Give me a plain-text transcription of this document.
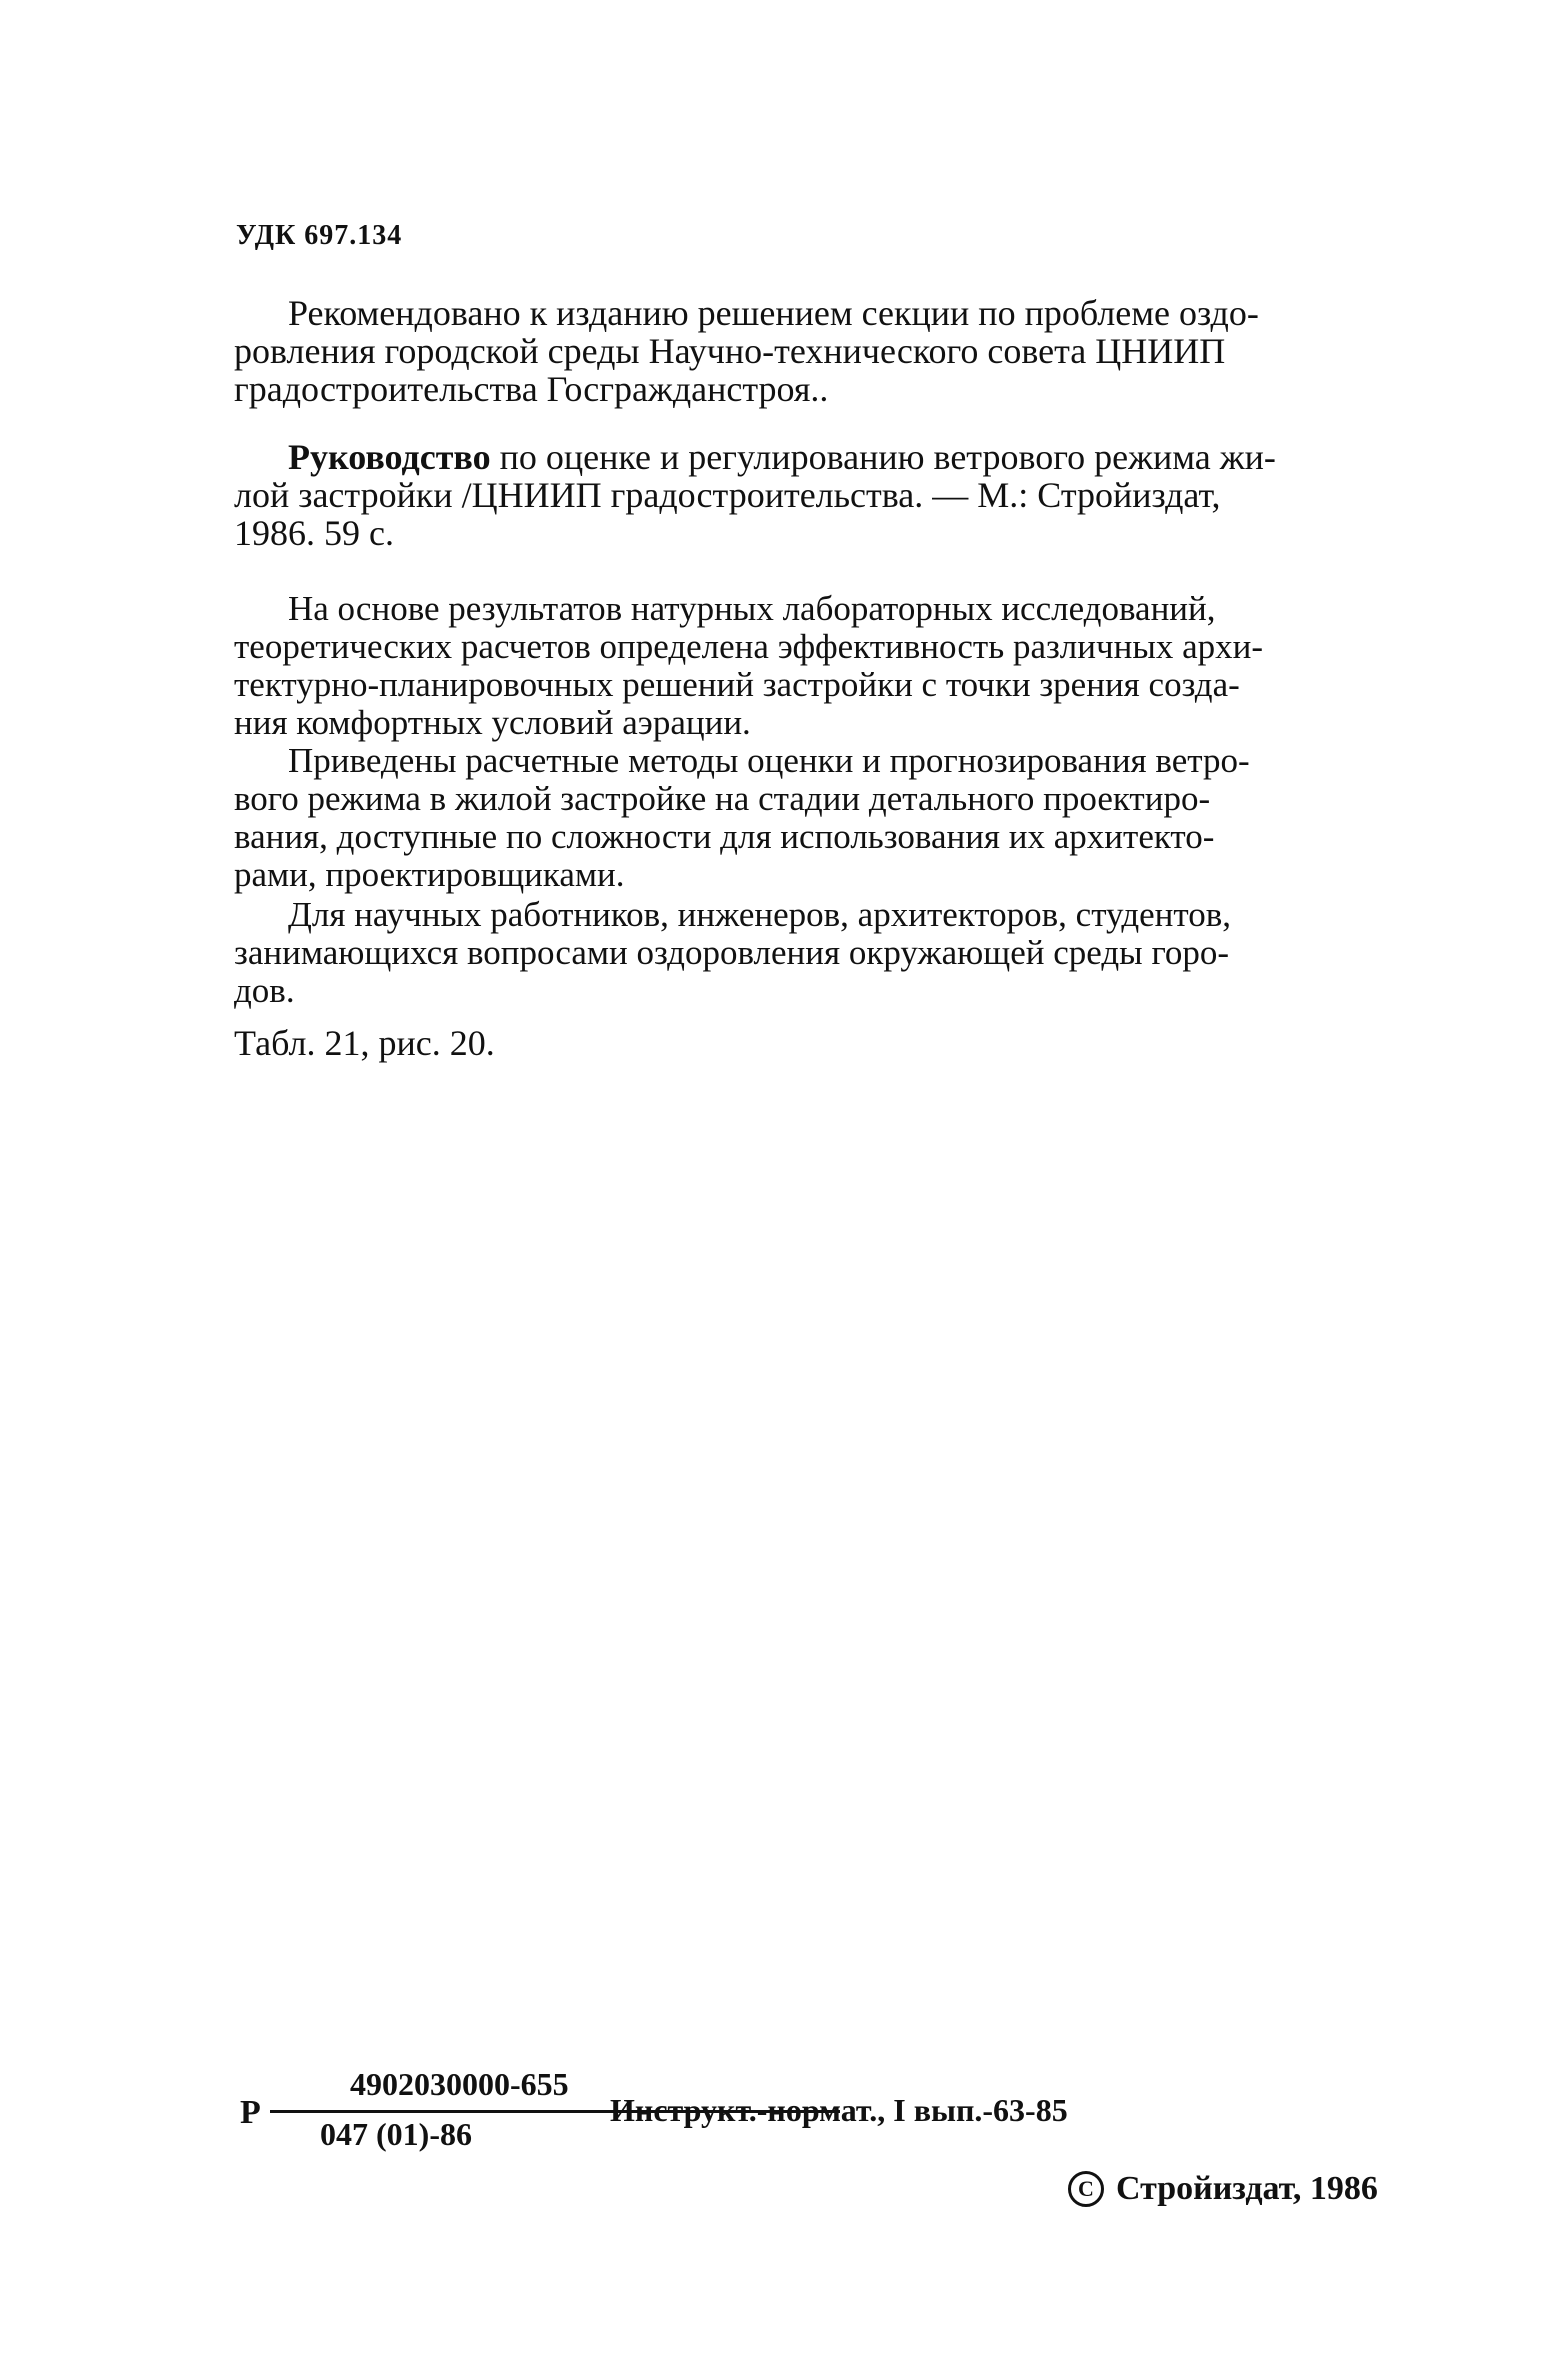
УДК 697.134
Рекомендовано к изданию решением секции по проблеме оздо-
ровления городской среды Научно-технического совета ЦНИИП
градостроительства Госгражданстроя..
Руководство по оценке и регулированию ветрового режима жи-
лой застройки /ЦНИИП градостроительства. — М.: Стройиздат,
1986. 59 с.
На основе результатов натурных лабораторных исследований,
теоретических расчетов определена эффективность различных архи-
тектурно-планировочных решений застройки с точки зрения созда-
ния комфортных условий аэрации.
Приведены расчетные методы оценки и прогнозирования ветро-
вого режима в жилой застройке на стадии детального проектиро-
вания, доступные по сложности для использования их архитекто-
рами, проектировщиками.
Для научных работников, инженеров, архитекторов, студентов,
занимающихся вопросами оздоровления окружающей среды горо-
дов.
Табл. 21, рис. 20.
Р
4902030000-655
047 (01)-86
Инструкт.-нормат., I вып.-63-85
C Стройиздат, 1986
